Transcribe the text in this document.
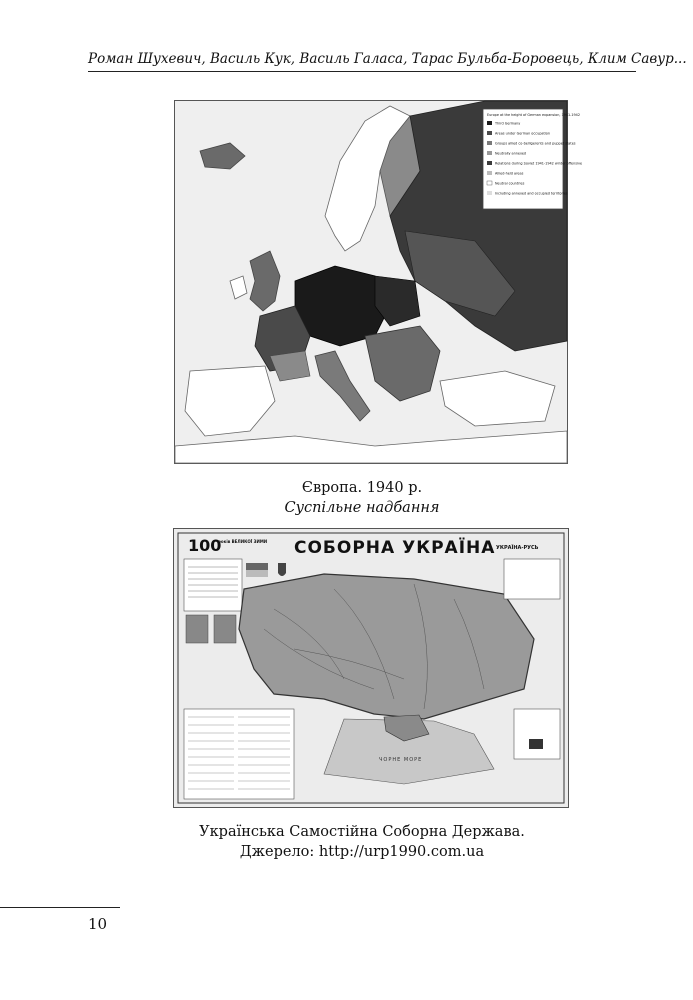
Роман Шухевич, Василь Кук, Василь Галаса, Тарас Бульба-Боровець, Клим Савур...
Europe at the height of German expansion, 1941-1942
Third Germany
Areas under German occupation
Groups allied co-belligerents and puppet states
Neutrally annexed
Relations during Soviet 1941-1942 winter offensive
Allied-held areas
Neutral countries
Including annexed and occupied territories
Європа. 1940 р.
Суспільне надбання
100
років ВЕЛИКОЇ ЗИМИ СОБОРНА УКРАЇНА УКРАЇНА-РУСЬ
ЧОРНЕ МОРЕ
Українська Самостійна Соборна Держава.
Джерело: http://urp1990.com.ua
10
